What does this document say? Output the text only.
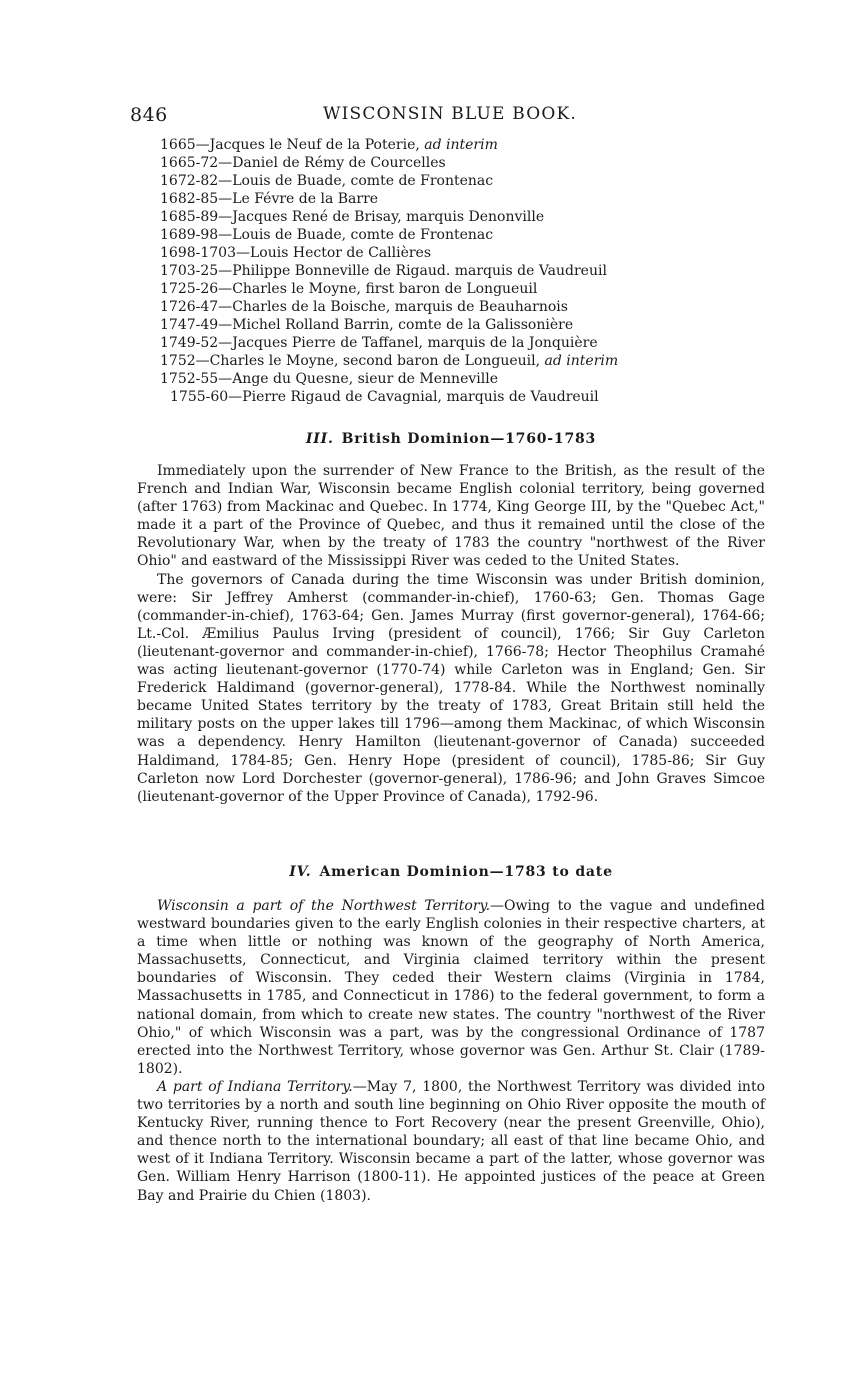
846	WISCONSIN BLUE BOOK.
1665—Jacques le Neuf de la Poterie, ad interim
1665-72—Daniel de Rémy de Courcelles
1672-82—Louis de Buade, comte de Frontenac
1682-85—Le Févre de la Barre
1685-89—Jacques René de Brisay, marquis Denonville
1689-98—Louis de Buade, comte de Frontenac
1698-1703—Louis Hector de Callières
1703-25—Philippe Bonneville de Rigaud. marquis de Vaudreuil
1725-26—Charles le Moyne, first baron de Longueuil
1726-47—Charles de la Boische, marquis de Beauharnois
1747-49—Michel Rolland Barrin, comte de la Galissonière
1749-52—Jacques Pierre de Taffanel, marquis de la Jonquière
1752—Charles le Moyne, second baron de Longueuil, ad interim
1752-55—Ange du Quesne, sieur de Menneville
1755-60—Pierre Rigaud de Cavagnial, marquis de Vaudreuil
III. British Dominion—1760-1783

Immediately upon the surrender of New France to the British, as the result of the French and Indian War, Wisconsin became English colonial territory, being governed (after 1763) from Mackinac and Quebec. In 1774, King George III, by the "Quebec Act," made it a part of the Province of Quebec, and thus it remained until the close of the Revolutionary War, when by the treaty of 1783 the country "northwest of the River Ohio" and eastward of the Mississippi River was ceded to the United States.

The governors of Canada during the time Wisconsin was under British dominion, were: Sir Jeffrey Amherst (commander-in-chief), 1760-63; Gen. Thomas Gage (commander-in-chief), 1763-64; Gen. James Murray (first governor-general), 1764-66; Lt.-Col. Æmilius Paulus Irving (president of council), 1766; Sir Guy Carleton (lieutenant-governor and commander-in-chief), 1766-78; Hector Theophilus Cramahé was acting lieutenant-governor (1770-74) while Carleton was in England; Gen. Sir Frederick Haldimand (governor-general), 1778-84. While the Northwest nominally became United States territory by the treaty of 1783, Great Britain still held the military posts on the upper lakes till 1796—among them Mackinac, of which Wisconsin was a dependency. Henry Hamilton (lieutenant-governor of Canada) succeeded Haldimand, 1784-85; Gen. Henry Hope (president of council), 1785-86; Sir Guy Carleton now Lord Dorchester (governor-general), 1786-96; and John Graves Simcoe (lieutenant-governor of the Upper Province of Canada), 1792-96.

IV. American Dominion—1783 to date

Wisconsin a part of the Northwest Territory.—Owing to the vague and undefined westward boundaries given to the early English colonies in their respective charters, at a time when little or nothing was known of the geography of North America, Massachusetts, Connecticut, and Virginia claimed territory within the present boundaries of Wisconsin. They ceded their Western claims (Virginia in 1784, Massachusetts in 1785, and Connecticut in 1786) to the federal government, to form a national domain, from which to create new states. The country "northwest of the River Ohio," of which Wisconsin was a part, was by the congressional Ordinance of 1787 erected into the Northwest Territory, whose governor was Gen. Arthur St. Clair (1789-1802).

A part of Indiana Territory.—May 7, 1800, the Northwest Territory was divided into two territories by a north and south line beginning on Ohio River opposite the mouth of Kentucky River, running thence to Fort Recovery (near the present Greenville, Ohio), and thence north to the international boundary; all east of that line became Ohio, and west of it Indiana Territory. Wisconsin became a part of the latter, whose governor was Gen. William Henry Harrison (1800-11). He appointed justices of the peace at Green Bay and Prairie du Chien (1803).
